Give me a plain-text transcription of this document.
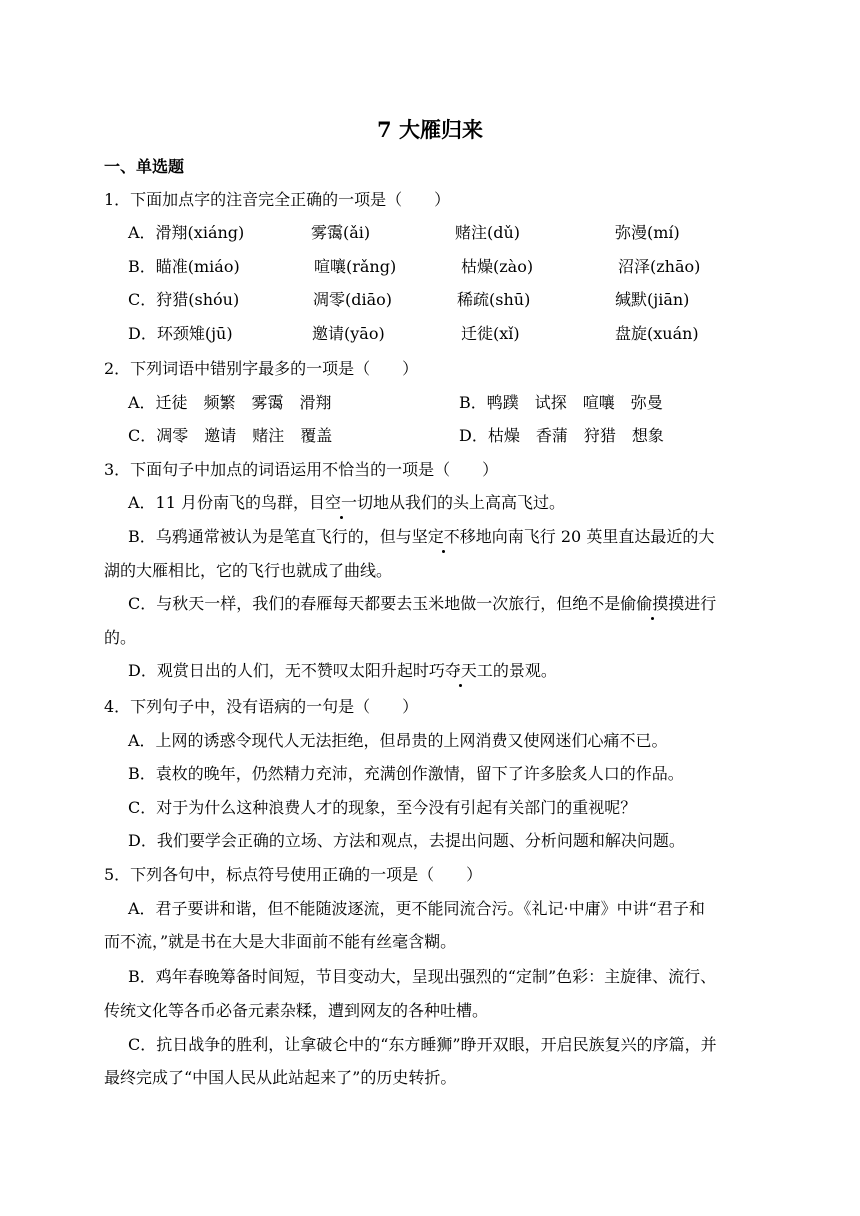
7 大雁归来
一、单选题
1．下面加点字的注音完全正确的一项是（　　）
A．滑翔(xiáng)	雾霭(ǎi)	赌注(dǔ)	弥漫(mí)
B．瞄准(miáo)	喧嚷(rǎng)	枯燥(zào)	沼泽(zhāo)
C．狩猎(shóu)	凋零(diāo)	稀疏(shū)	缄默(jiān)
D．环颈雉(jū)	邀请(yāo)	迁徙(xǐ)	盘旋(xuán)
2．下列词语中错别字最多的一项是（　　）
A．迁徒　频繁　雾霭　滑翔	B．鸭蹼　试探　喧嚷　弥曼
C．凋零　邀请　赌注　覆盖	D．枯燥　香蒲　狩猎　想象
3．下面句子中加点的词语运用不恰当的一项是（　　）
A．11 月份南飞的鸟群，目空一切地从我们的头上高高飞过。
B．乌鸦通常被认为是笔直飞行的，但与坚定不移地向南飞行 20 英里直达最近的大
湖的大雁相比，它的飞行也就成了曲线。
C．与秋天一样，我们的春雁每天都要去玉米地做一次旅行，但绝不是偷偷摸摸进行
的。
D．观赏日出的人们，无不赞叹太阳升起时巧夺天工的景观。
4．下列句子中，没有语病的一句是（　　）
A．上网的诱惑令现代人无法拒绝，但昂贵的上网消费又使网迷们心痛不已。
B．袁枚的晚年，仍然精力充沛，充满创作激情，留下了许多脍炙人口的作品。
C．对于为什么这种浪费人才的现象，至今没有引起有关部门的重视呢？
D．我们要学会正确的立场、方法和观点，去提出问题、分析问题和解决问题。
5．下列各句中，标点符号使用正确的一项是（　　）
A．君子要讲和谐，但不能随波逐流，更不能同流合污。《礼记·中庸》中讲“君子和
而不流，”就是书在大是大非面前不能有丝毫含糊。
B．鸡年春晚筹备时间短，节目变动大，呈现出强烈的“定制”色彩：主旋律、流行、
传统文化等各币必备元素杂糅，遭到网友的各种吐槽。
C．抗日战争的胜利，让拿破仑中的“东方睡狮”睁开双眼，开启民族复兴的序篇，并
最终完成了“中国人民从此站起来了”的历史转折。
